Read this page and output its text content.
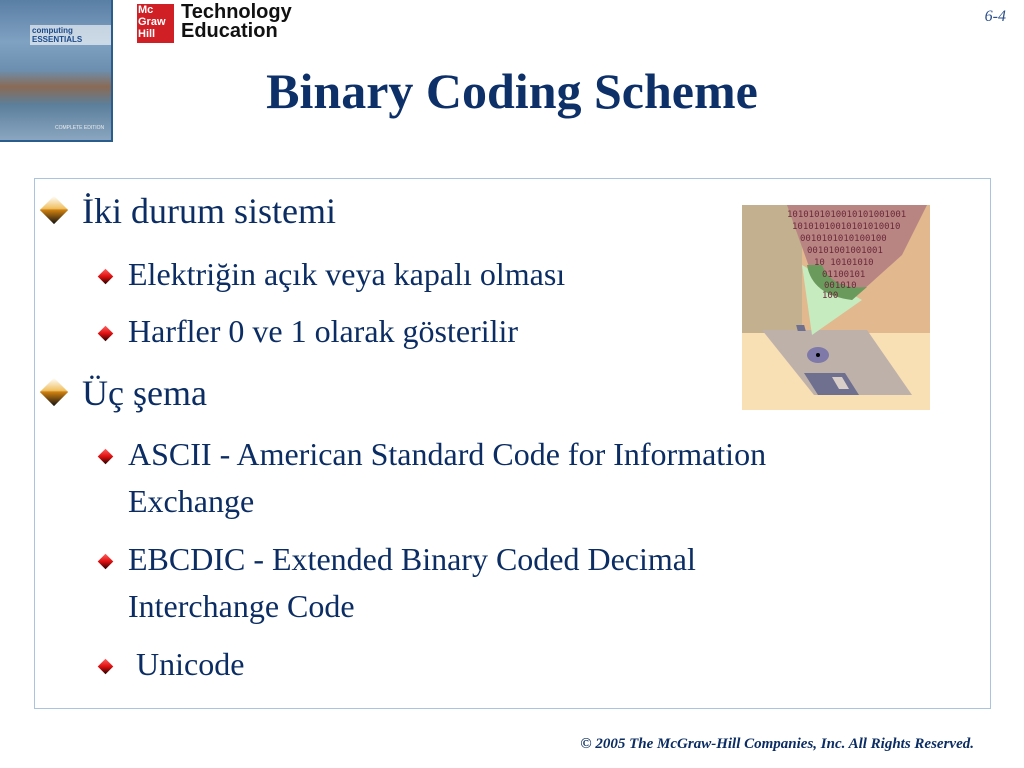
computing ESSENTIALS
COMPLETE EDITION
Mc
Graw
Hill
Technology
Education
6-4
Binary Coding Scheme
İki durum sistemi
Elektriğin açık veya kapalı olması
Harfler 0 ve 1 olarak gösterilir
Üç şema
ASCII - American Standard Code for Information
Exchange
EBCDIC - Extended Binary Coded Decimal
Interchange Code
Unicode
1010101010010101001001
10101010010101010010
0010101010100100
00101001001001
10 10101010
01100101
001010
100
© 2005 The McGraw-Hill Companies, Inc. All Rights Reserved.
